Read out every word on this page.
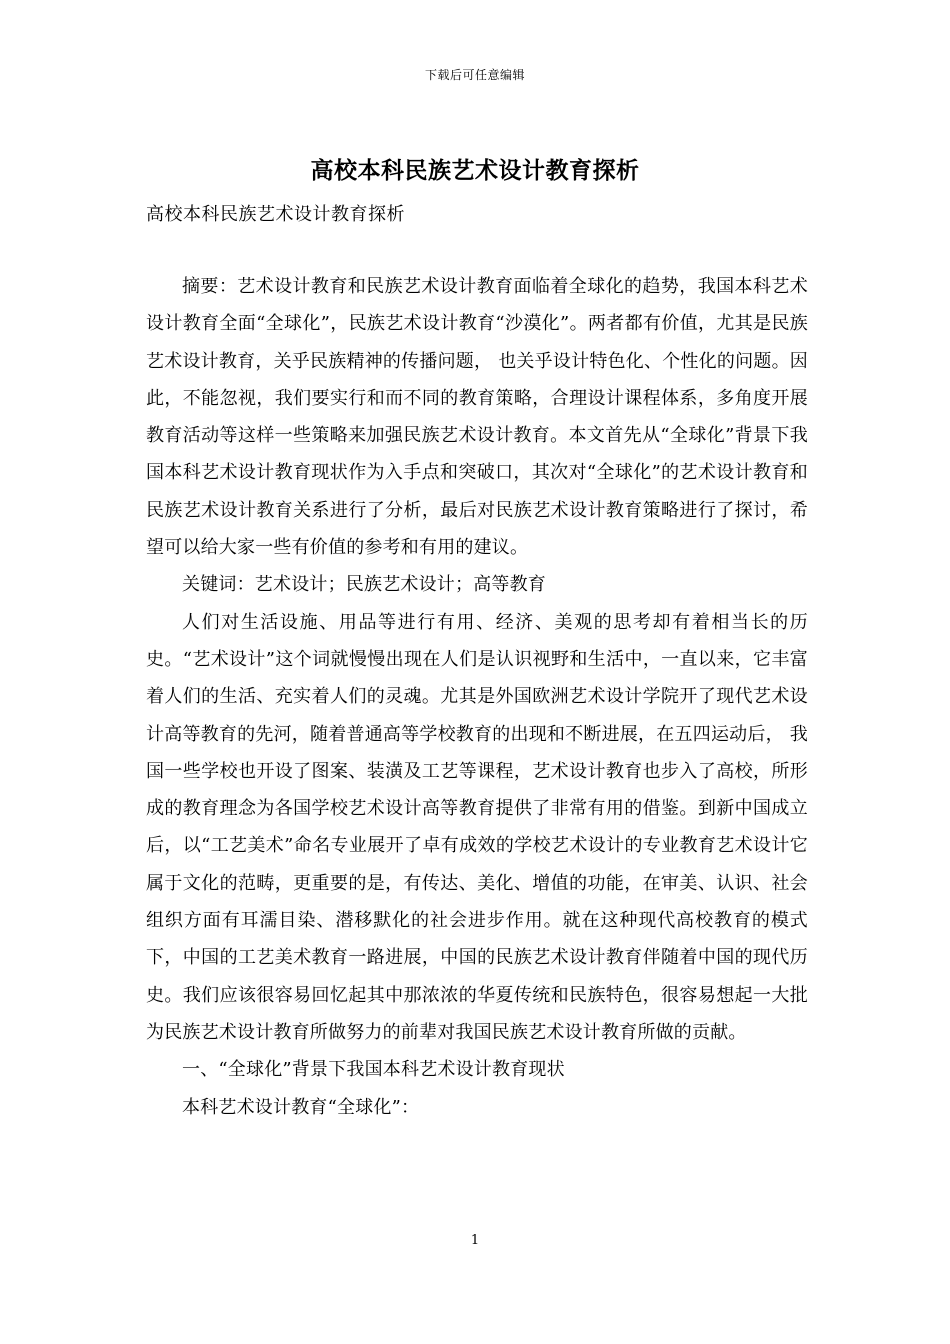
下载后可任意编辑
高校本科民族艺术设计教育探析
高校本科民族艺术设计教育探析

摘要：艺术设计教育和民族艺术设计教育面临着全球化的趋势，我国本科艺术设计教育全面“全球化”，民族艺术设计教育“沙漠化”。两者都有价值，尤其是民族艺术设计教育，关乎民族精神的传播问题， 也关乎设计特色化、个性化的问题。因此，不能忽视，我们要实行和而不同的教育策略，合理设计课程体系，多角度开展教育活动等这样一些策略来加强民族艺术设计教育。本文首先从“全球化”背景下我国本科艺术设计教育现状作为入手点和突破口，其次对“全球化”的艺术设计教育和民族艺术设计教育关系进行了分析，最后对民族艺术设计教育策略进行了探讨，希望可以给大家一些有价值的参考和有用的建议。

关键词：艺术设计；民族艺术设计；高等教育

人们对生活设施、用品等进行有用、经济、美观的思考却有着相当长的历史。“艺术设计”这个词就慢慢出现在人们是认识视野和生活中，一直以来，它丰富着人们的生活、充实着人们的灵魂。尤其是外国欧洲艺术设计学院开了现代艺术设计高等教育的先河，随着普通高等学校教育的出现和不断进展，在五四运动后， 我国一些学校也开设了图案、装潢及工艺等课程，艺术设计教育也步入了高校，所形成的教育理念为各国学校艺术设计高等教育提供了非常有用的借鉴。到新中国成立后，以“工艺美术”命名专业展开了卓有成效的学校艺术设计的专业教育艺术设计它属于文化的范畴，更重要的是，有传达、美化、增值的功能，在审美、认识、社会组织方面有耳濡目染、潜移默化的社会进步作用。就在这种现代高校教育的模式下，中国的工艺美术教育一路进展，中国的民族艺术设计教育伴随着中国的现代历史。我们应该很容易回忆起其中那浓浓的华夏传统和民族特色，很容易想起一大批为民族艺术设计教育所做努力的前辈对我国民族艺术设计教育所做的贡献。

一、“全球化”背景下我国本科艺术设计教育现状

本科艺术设计教育“全球化”：

1
